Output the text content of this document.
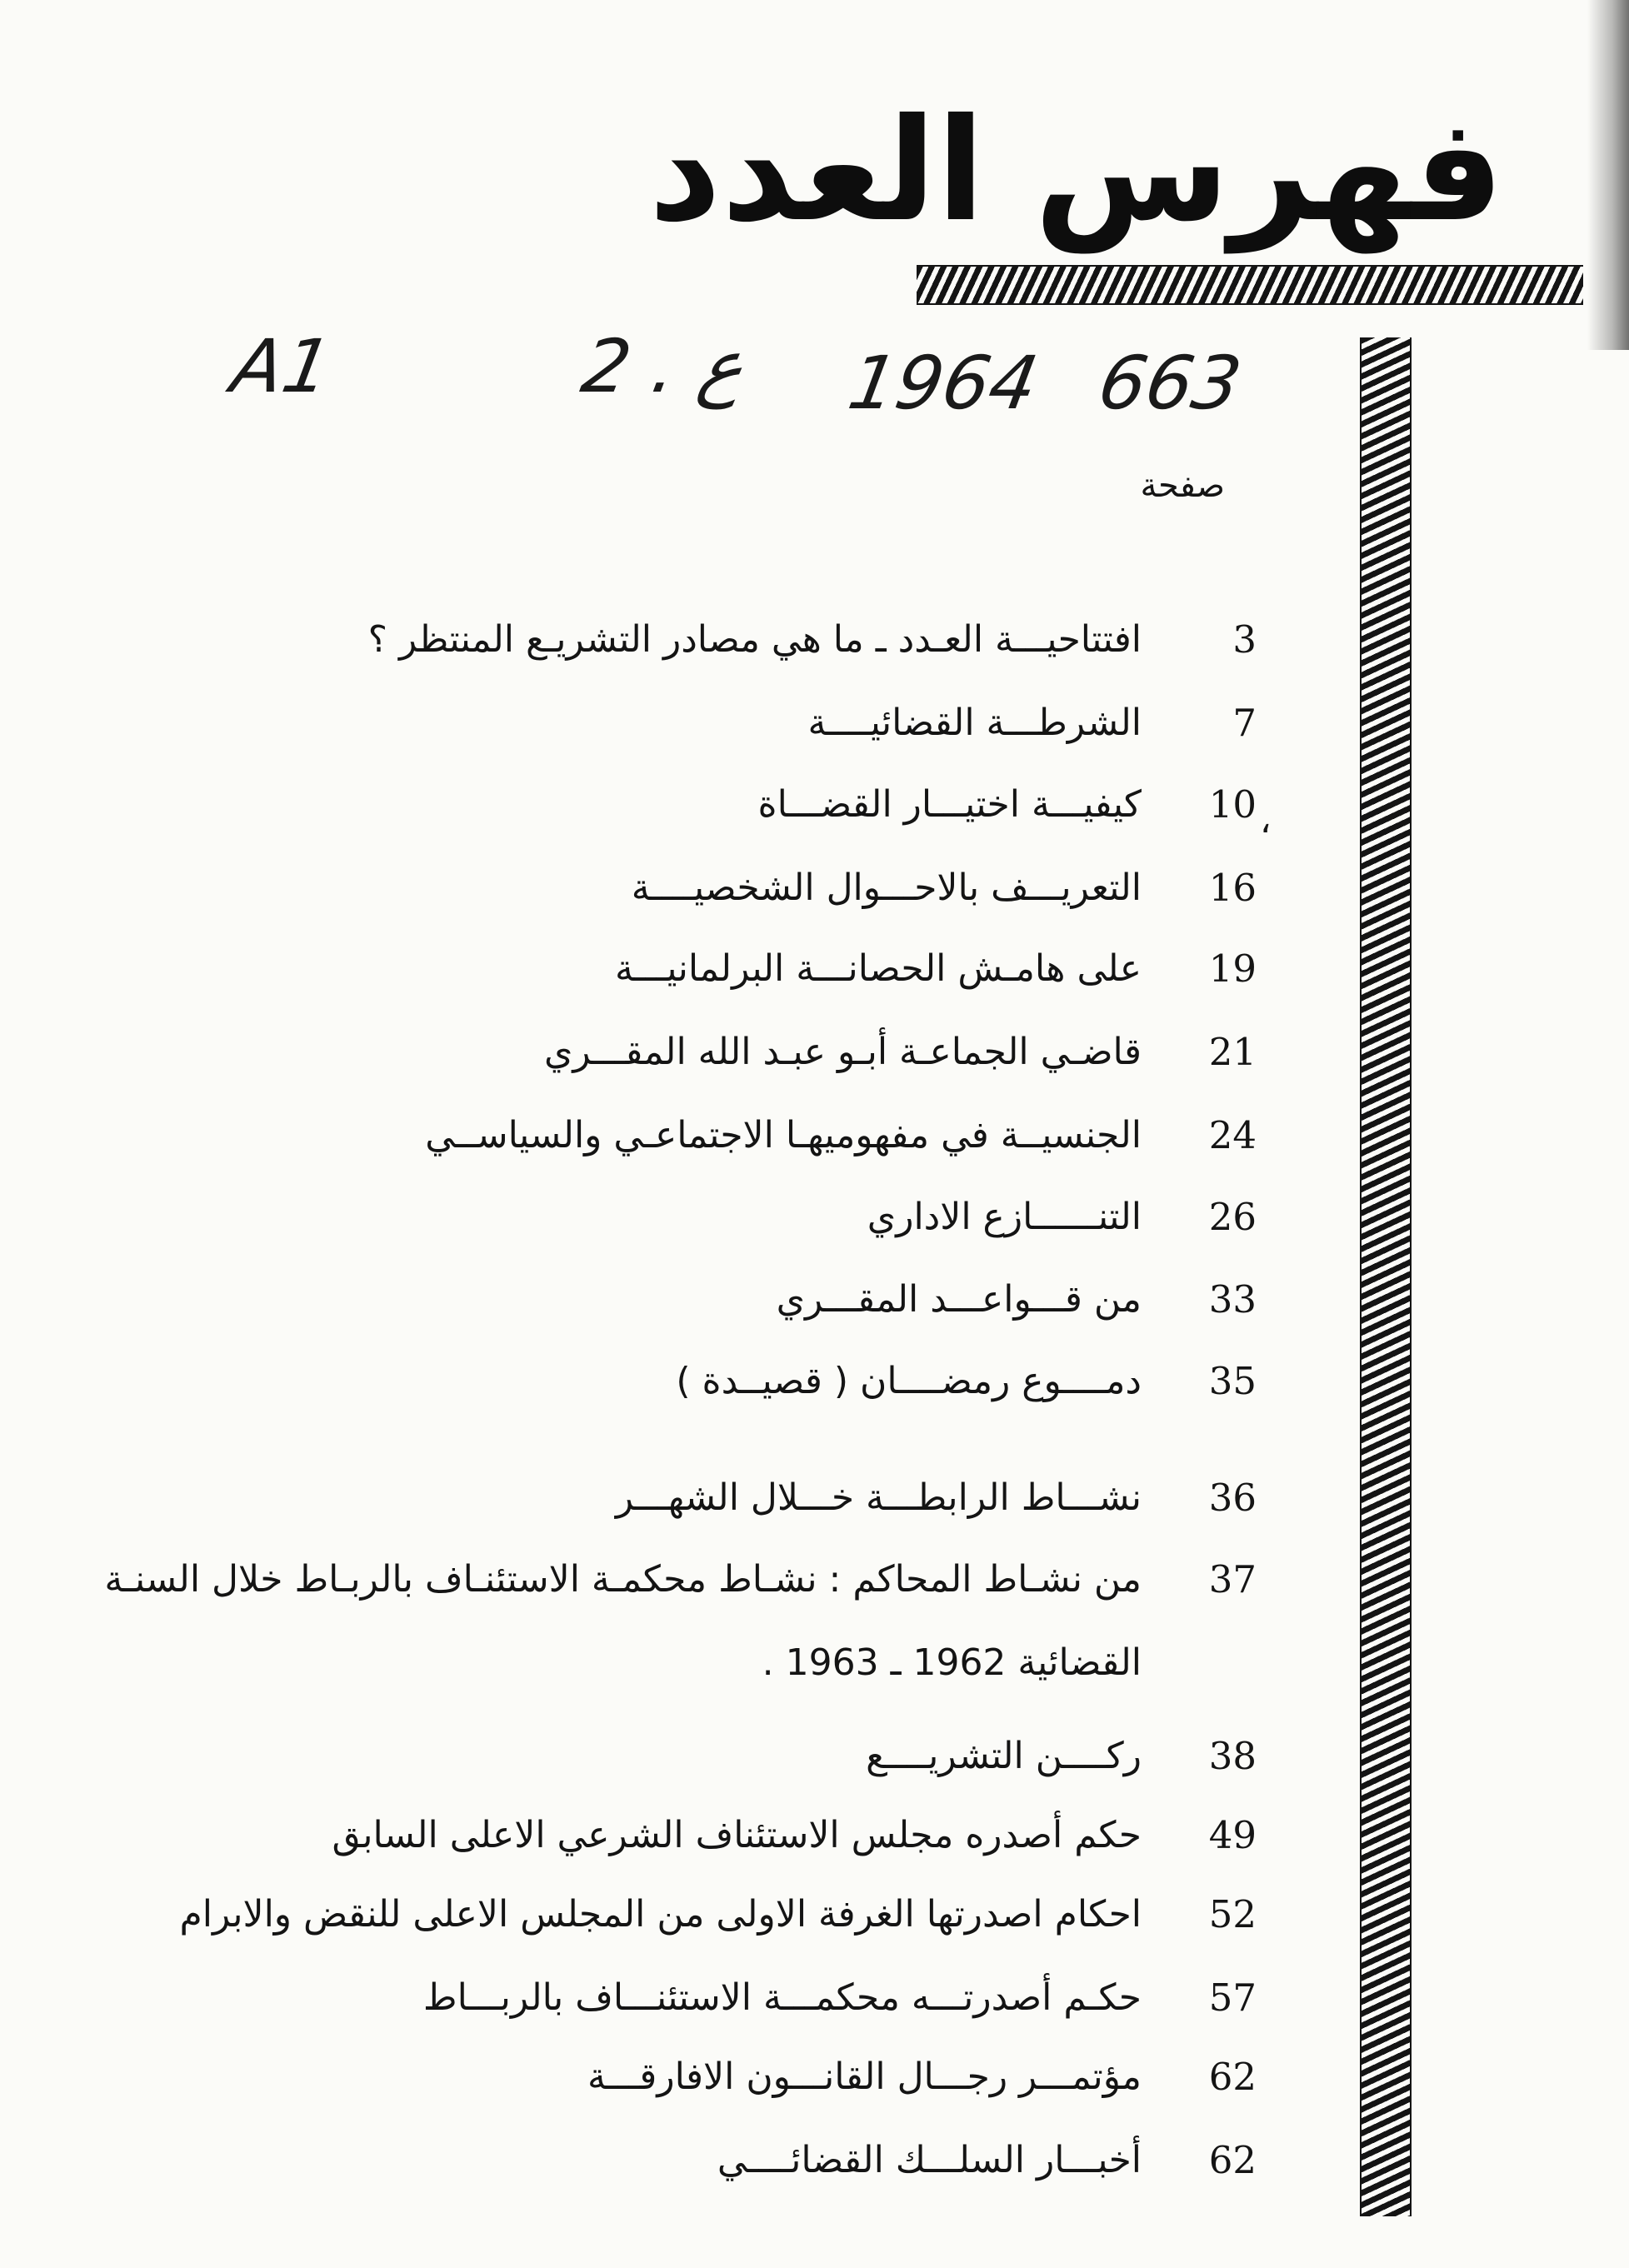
فهرس العدد
A1	2 . ع 1964 663
صفحة
،
3
افتتاحيـــة العـدد ـ ما هي مصادر التشريـع المنتظر ؟
7
الشرطـــة القضائيــــة
10
كيفيـــة اختيـــار القضـــاة
16
التعريـــف بالاحـــوال الشخصيــــة
19
على هامـش الحصانـــة البرلمانيـــة
21
قاضـي الجماعـة أبـو عبـد الله المقـــري
24
الجنسيــة في مفهوميهـا الاجتماعـي والسياســي
26
التنــــــازع الاداري
33
من قـــواعـــد المقـــري
35
دمــــوع رمضــــان ( قصيــدة )
36
نشـــاط الرابطـــة خـــلال الشهـــر
37
من نشـاط المحاكم : نشـاط محكمـة الاستئنـاف بالربـاط خلال السنـة
القضائية 1962 ـ 1963 .
38
ركــــن التشريــــع
49
حكم أصدره مجلس الاستئناف الشرعي الاعلى السابق
52
احكام اصدرتها الغرفة الاولى من المجلس الاعلى للنقض والابرام
57
حكـم أصدرتـــه محكمـــة الاستئنـــاف بالربـــاط
62
مؤتمـــر رجـــال القانـــون الافارقـــة
62
أخبـــار السلـــك القضائــــي
